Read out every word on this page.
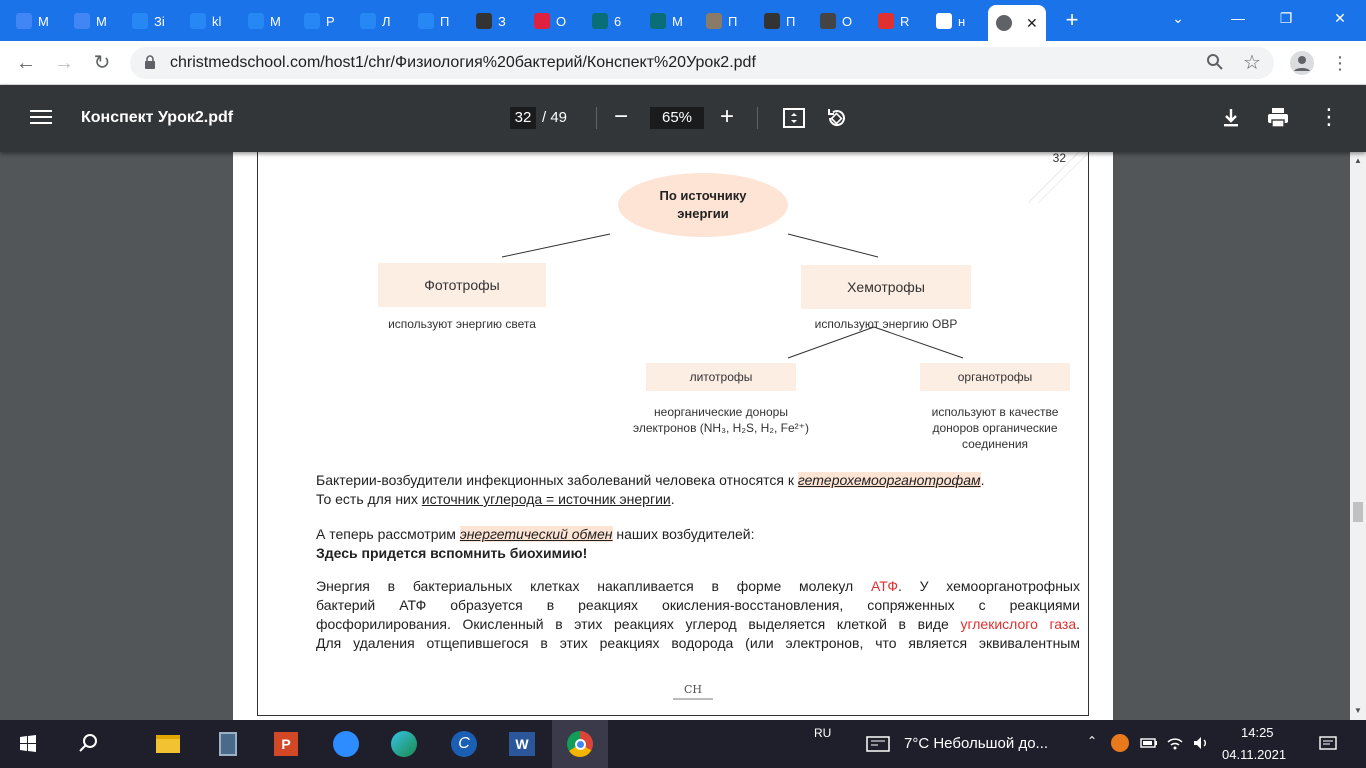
М	М	Зі	kl	М	Р	Л	П	З	О	6	М	П	П	О	R	н	✕ +	⌄	—	❐	✕
← → ↻	christmedschool.com/host1/chr/Физиология%20бактерий/Конспект%20Урок2.pdf	☆	⋮
Конспект Урок2.pdf	32 / 49 −	65%	+	⋮
32
По источнику энергии
Фототрофы
используют энергию света
Хемотрофы
используют энергию ОВР
литотрофы
неорганические доноры
электронов (NH₃, H₂S, H₂, Fe²⁺)
органотрофы
используют в качестве
доноров органические
соединения
Бактерии-возбудители инфекционных заболеваний человека относятся к гетерохемоорганотрофам.
То есть для них источник углерода = источник энергии.
А теперь рассмотрим энергетический обмен наших возбудителей:
Здесь придется вспомнить биохимию!
Энергия в бактериальных клетках накапливается в форме молекул АТФ. У хемоорганотрофных
бактерий АТФ образуется в реакциях окисления-восстановления, сопряженных с реакциями
фосфорилирования. Окисленный в этих реакциях углерод выделяется клеткой в виде углекислого газа.
Для удаления отщепившегося в этих реакциях водорода (или электронов, что является эквивалентным
CH
▲
▼
P	C	W
RU
7°C Небольшой до...	⌃
14:25
04.11.2021
